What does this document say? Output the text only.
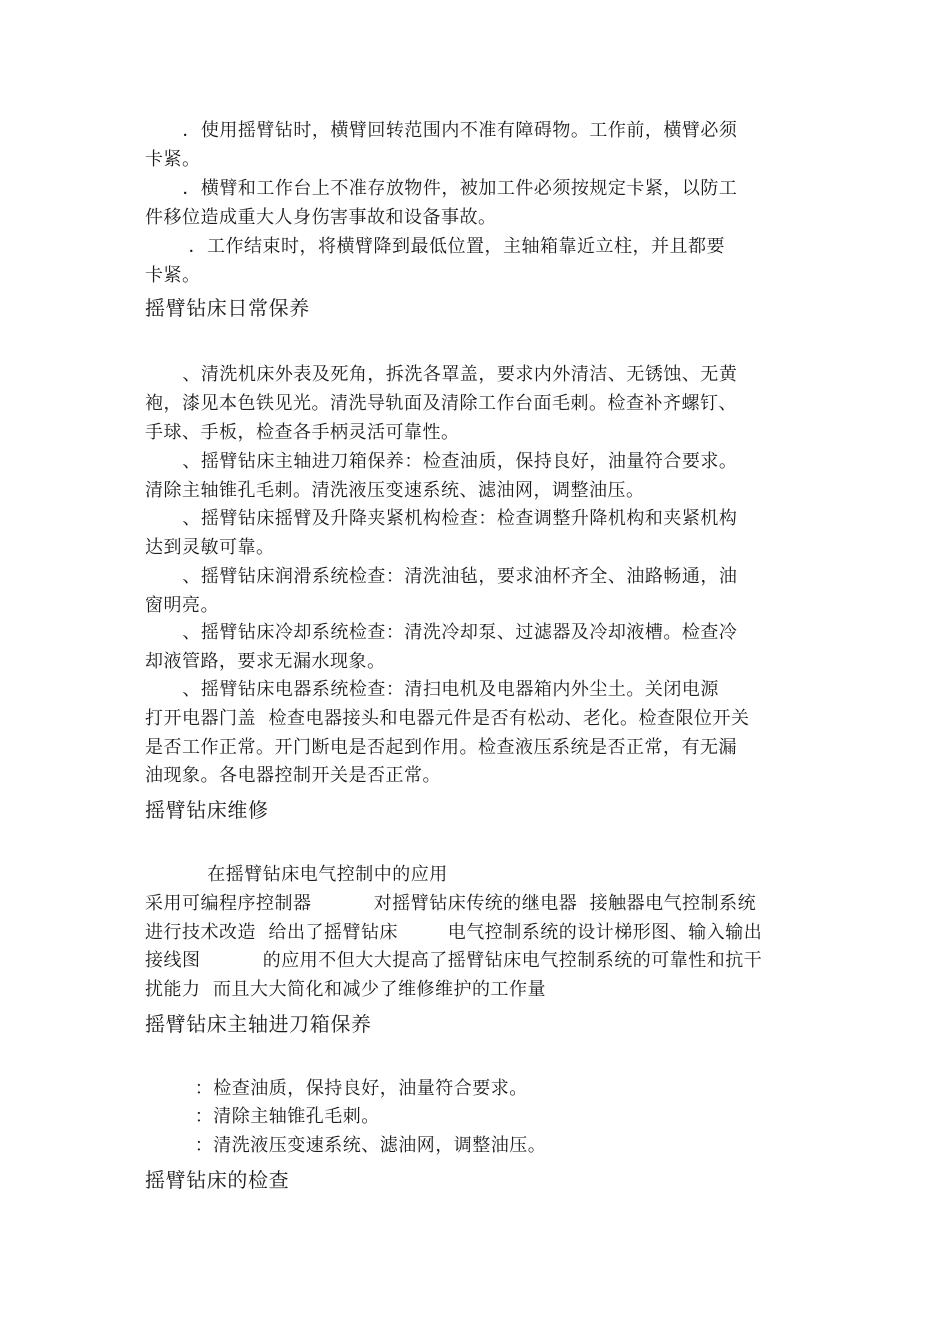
．使用摇臂钻时，横臂回转范围内不准有障碍物。工作前，横臂必须
卡紧。
．横臂和工作台上不准存放物件，被加工件必须按规定卡紧，以防工
件移位造成重大人身伤害事故和设备事故。
．工作结束时，将横臂降到最低位置，主轴箱靠近立柱，并且都要
卡紧。
摇臂钻床日常保养
、清洗机床外表及死角，拆洗各罩盖，要求内外清洁、无锈蚀、无黄
袍，漆见本色铁见光。清洗导轨面及清除工作台面毛刺。检查补齐螺钉、
手球、手板，检查各手柄灵活可靠性。
、摇臂钻床主轴进刀箱保养：检查油质，保持良好，油量符合要求。
清除主轴锥孔毛刺。清洗液压变速系统、滤油网，调整油压。
、摇臂钻床摇臂及升降夹紧机构检查：检查调整升降机构和夹紧机构
达到灵敏可靠。
、摇臂钻床润滑系统检查：清洗油毡，要求油杯齐全、油路畅通，油
窗明亮。
、摇臂钻床冷却系统检查：清洗冷却泵、过滤器及冷却液槽。检查冷
却液管路，要求无漏水现象。
、摇臂钻床电器系统检查：清扫电机及电器箱内外尘土。关闭电源
打开电器门盖  检查电器接头和电器元件是否有松动、老化。检查限位开关
是否工作正常。开门断电是否起到作用。检查液压系统是否正常，有无漏
油现象。各电器控制开关是否正常。
摇臂钻床维修
在摇臂钻床电气控制中的应用
采用可编程序控制器          对摇臂钻床传统的继电器  接触器电气控制系统
进行技术改造  给出了摇臂钻床        电气控制系统的设计梯形图、输入输出
接线图          的应用不但大大提高了摇臂钻床电气控制系统的可靠性和抗干
扰能力  而且大大简化和减少了维修维护的工作量
摇臂钻床主轴进刀箱保养
：检查油质，保持良好，油量符合要求。
：清除主轴锥孔毛刺。
：清洗液压变速系统、滤油网，调整油压。
摇臂钻床的检查
